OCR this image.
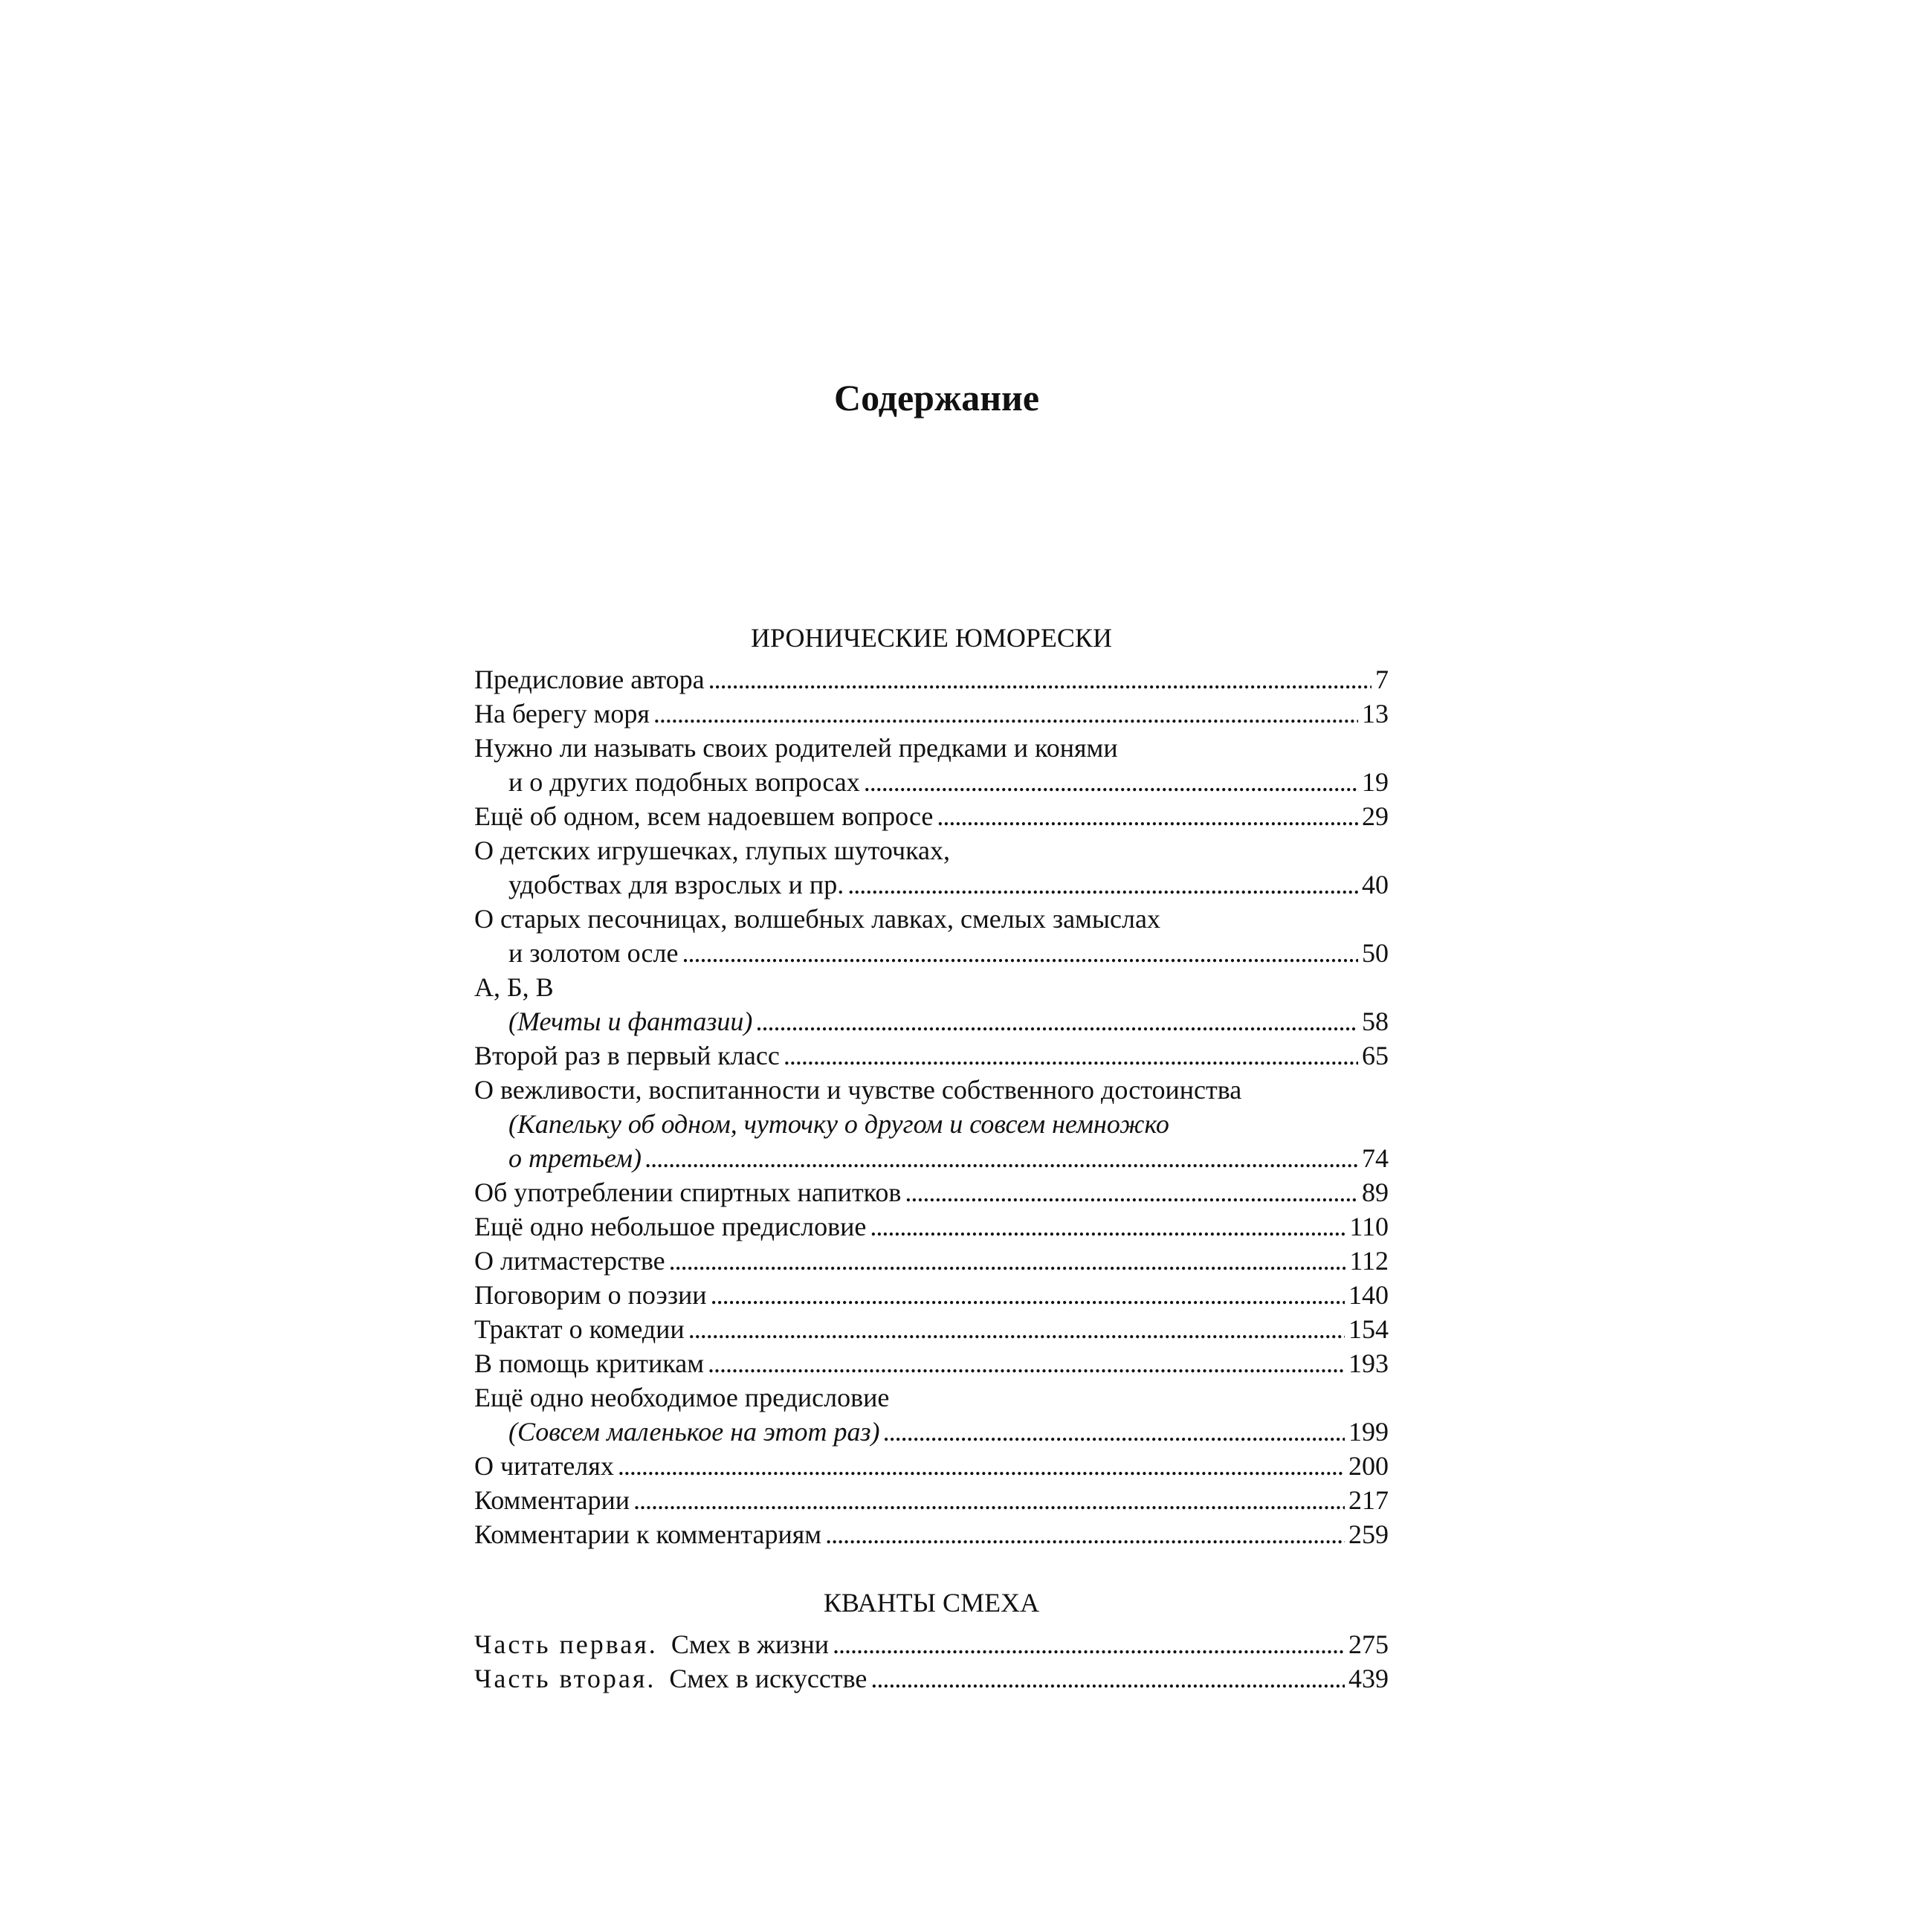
Содержание
ИРОНИЧЕСКИЕ ЮМОРЕСКИ
Предисловие автора . . .	7
На берегу моря . . .	13
Нужно ли называть своих родителей предками и конями
и о других подобных вопросах . . .	19
Ещё об одном, всем надоевшем вопросе . . .	29
О детских игрушечках, глупых шуточках,
удобствах для взрослых и пр. . . .	40
О старых песочницах, волшебных лавках, смелых замыслах
и золотом осле . . .	50
А, Б, В
(Мечты и фантазии) . . .	58
Второй раз в первый класс . . .	65
О вежливости, воспитанности и чувстве собственного достоинства
(Капельку об одном, чуточку о другом и совсем немножко
о третьем) . . .	74
Об употреблении спиртных напитков . . .	89
Ещё одно небольшое предисловие . . .	110
О литмастерстве . . .	112
Поговорим о поэзии . . .	140
Трактат о комедии . . .	154
В помощь критикам . . .	193
Ещё одно необходимое предисловие
(Совсем маленькое на этот раз) . . .	199
О читателях . . .	200
Комментарии . . .	217
Комментарии к комментариям . . .	259
КВАНТЫ СМЕХА
Часть первая. Смех в жизни . . .	275
Часть вторая. Смех в искусстве . . .	439
